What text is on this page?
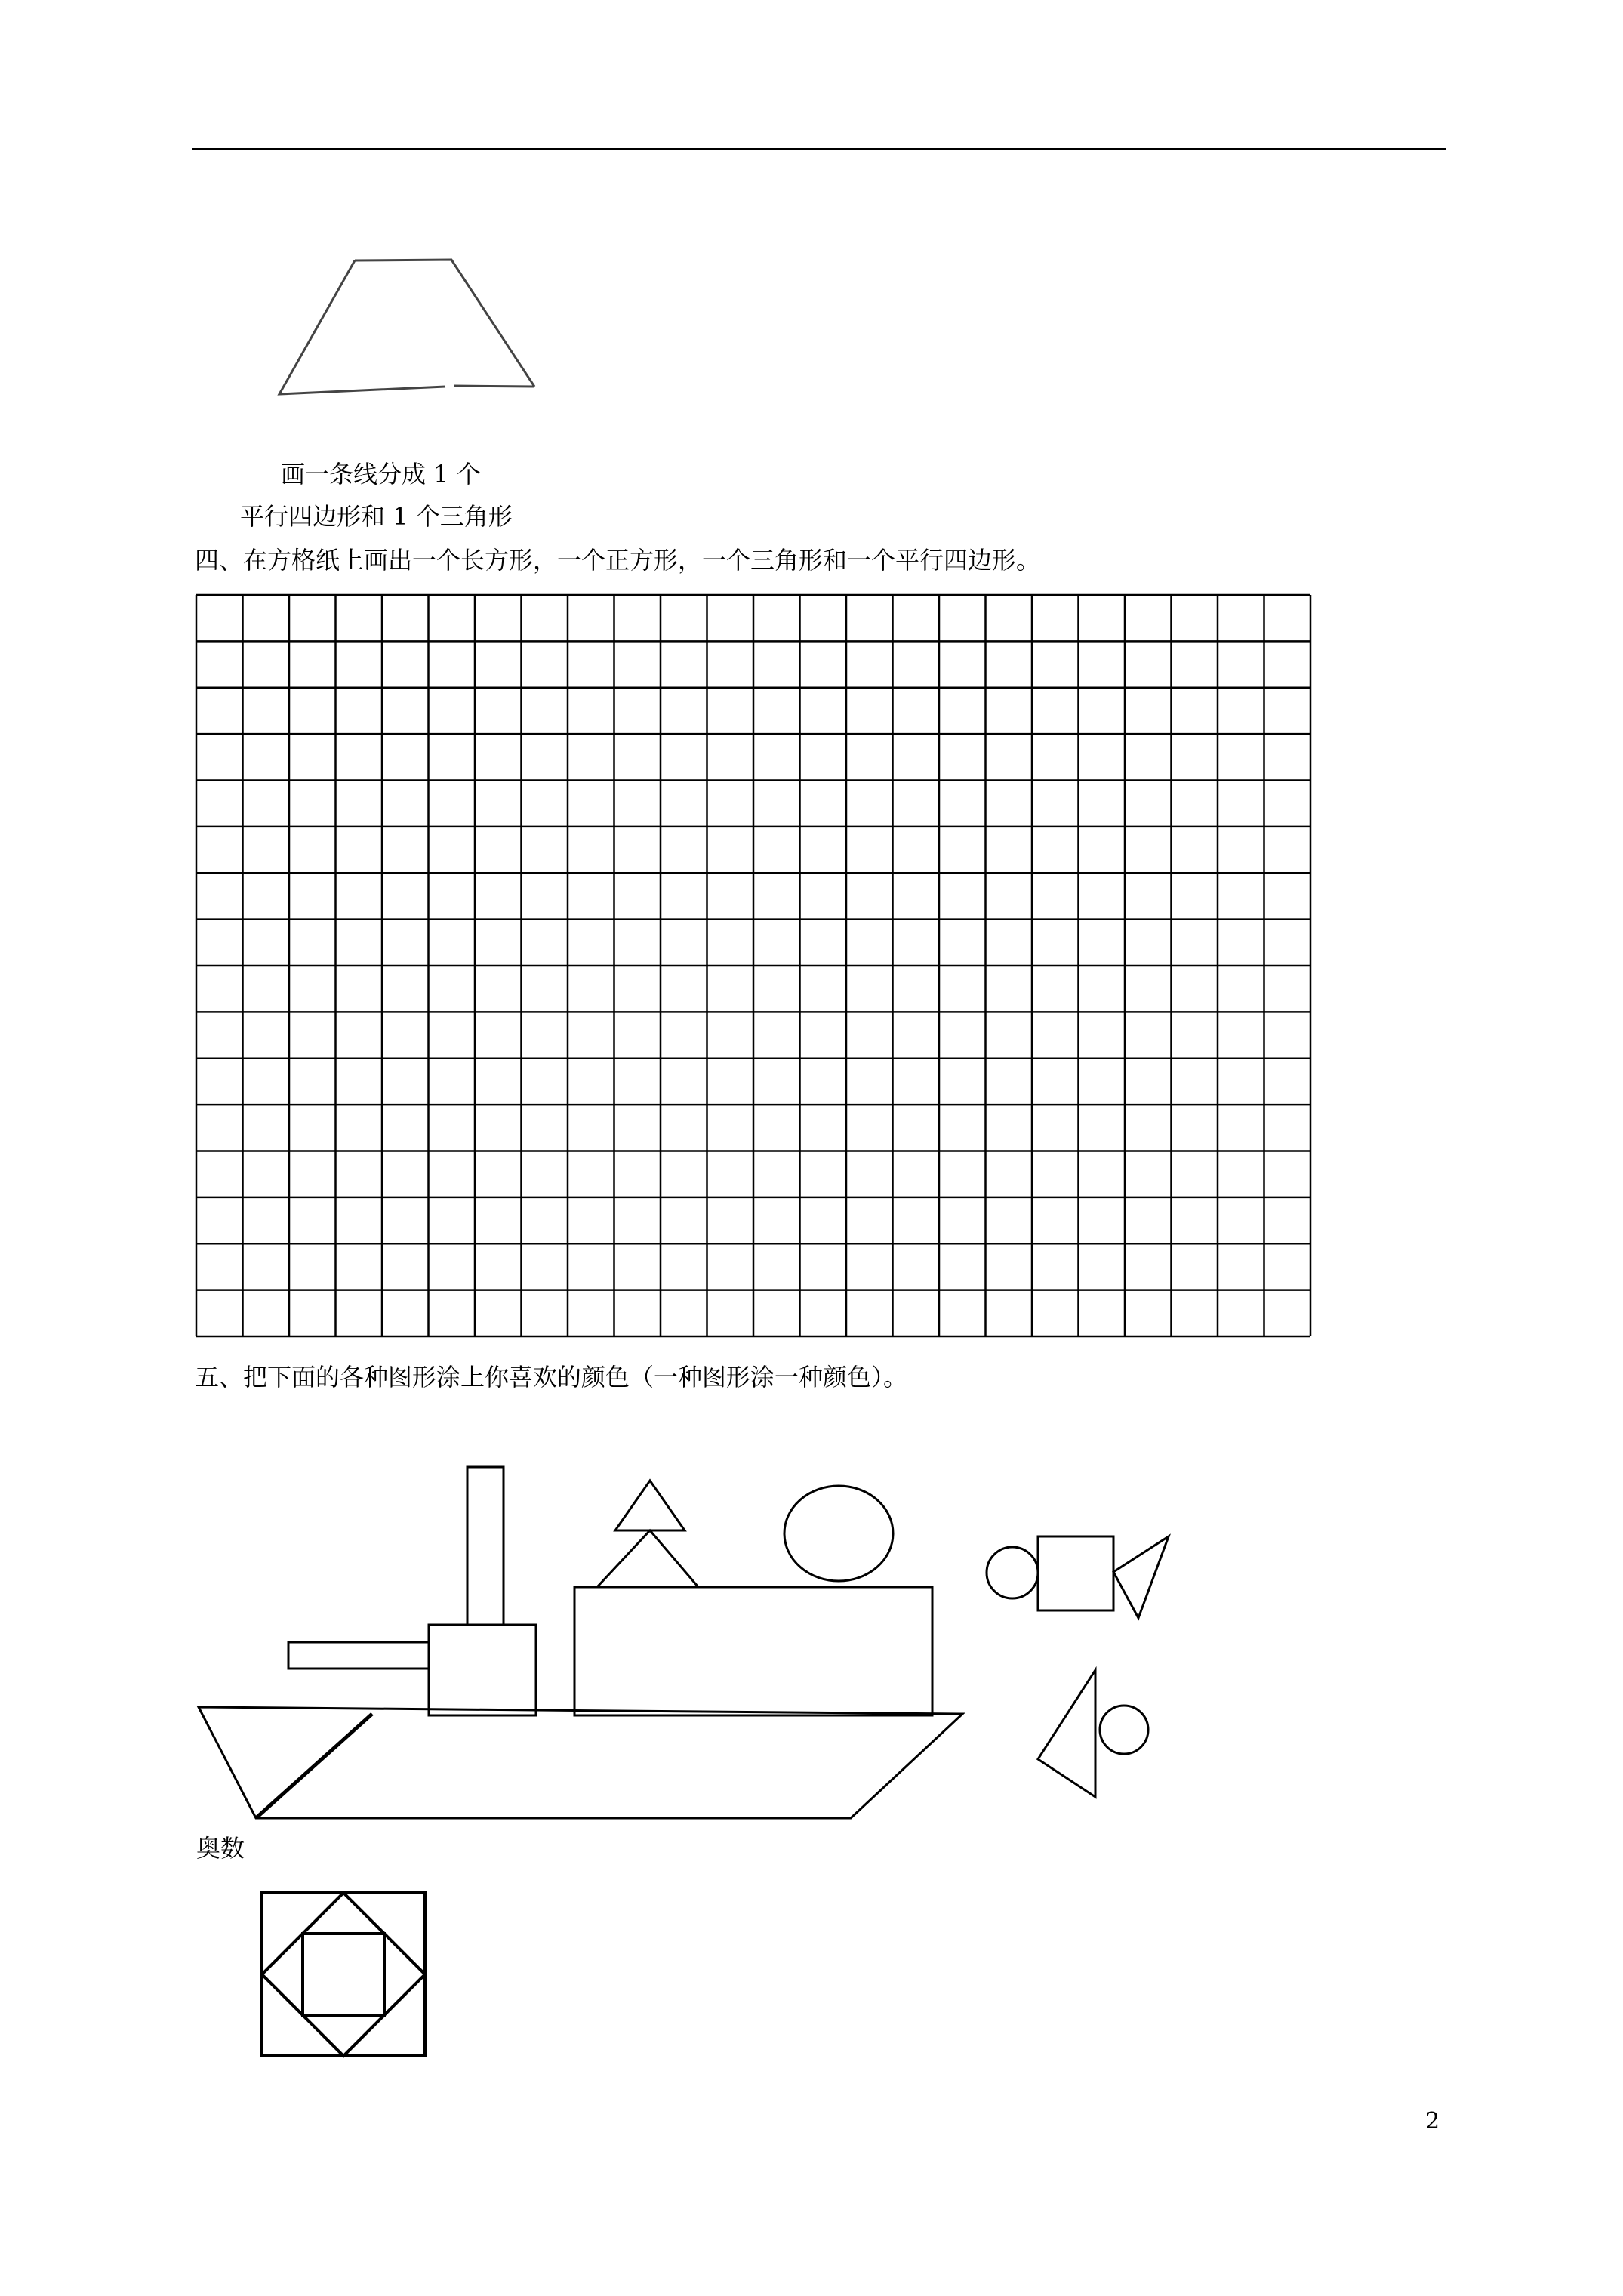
画一条线分成 1 个
平行四边形和 1 个三角形
四、在方格纸上画出一个长方形，一个正方形，一个三角形和一个平行四边形。
五、把下面的各种图形涂上你喜欢的颜色（一种图形涂一种颜色）。
奥数
2
